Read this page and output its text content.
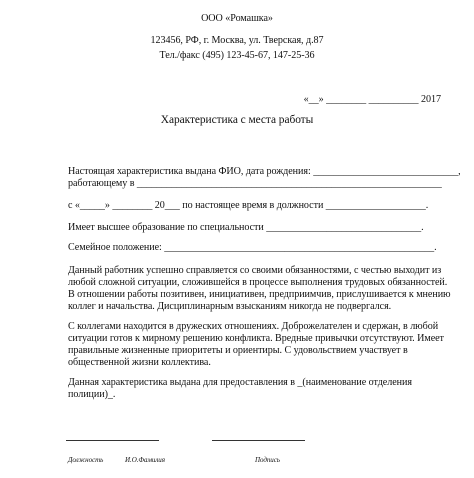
ООО «Ромашка»
123456, РФ, г. Москва, ул. Тверская, д.87
Тел./факс (495) 123-45-67, 147-25-36
«__» ________ __________ 2017
Характеристика с места работы
Настоящая характеристика выдана ФИО, дата рождения: _____________________________,
работающему в _____________________________________________________________
с «_____» ________ 20___ по настоящее время в должности ____________________.
Имеет высшее образование по специальности _______________________________.
Семейное положение: ______________________________________________________.
Данный работник успешно справляется со своими обязанностями, с честью выходит из
любой сложной ситуации, сложившейся в процессе выполнения трудовых обязанностей.
В отношении работы позитивен, инициативен, предприимчив, прислушивается к мнению
коллег и начальства. Дисциплинарным взысканиям никогда не подвергался.
С коллегами находится в дружеских отношениях. Доброжелателен и сдержан, в любой
ситуации готов к мирному решению конфликта. Вредные привычки отсутствуют. Имеет
правильные жизненные приоритеты и ориентиры. С удовольствием участвует в
общественной жизни коллектива.
Данная характеристика выдана для предоставления в _(наименование отделения
полиции)_.
Должность	И.О.Фамилия	Подпись
